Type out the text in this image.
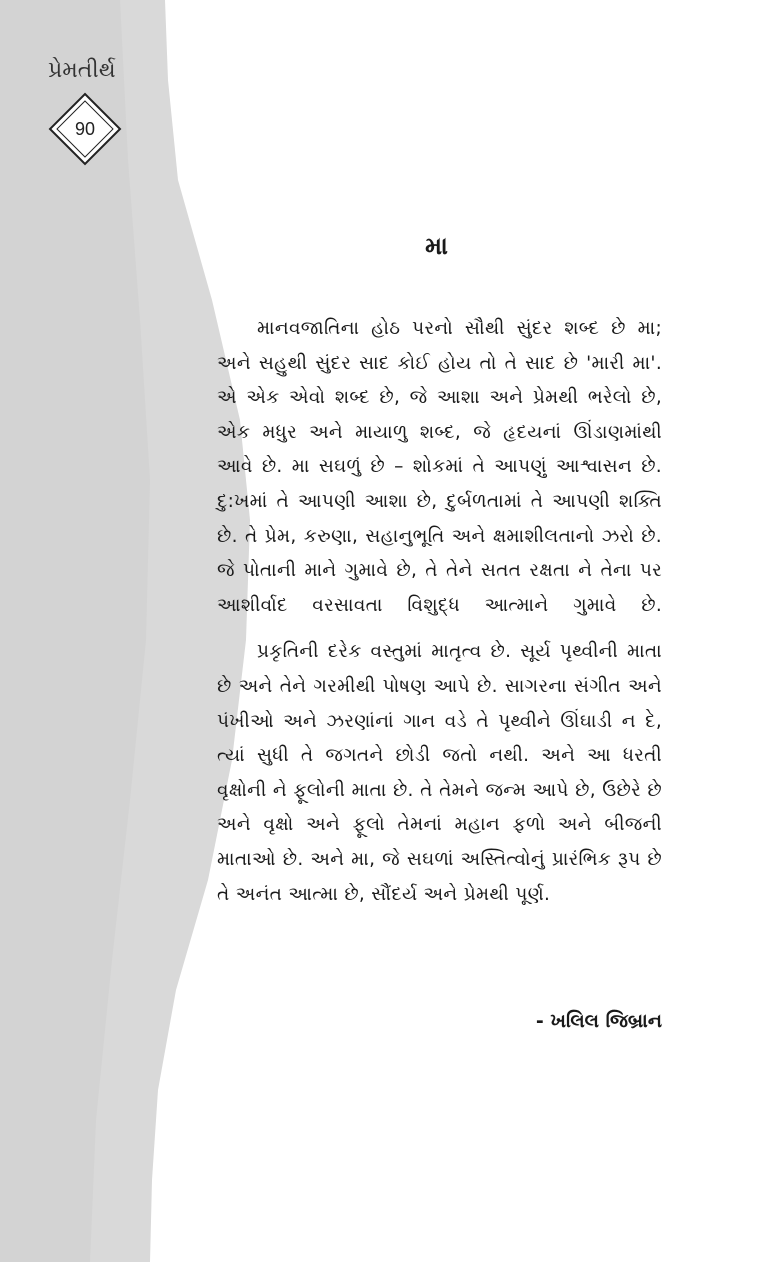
પ્રેમતીર્થ
90
મા

માનવજાતિના હોઠ પરનો સૌથી સુંદર શબ્દ છે મા; અને સહુથી સુંદર સાદ કોઈ હોય તો તે સાદ છે 'મારી મા'. એ એક એવો શબ્દ છે, જે આશા અને પ્રેમથી ભરેલો છે, એક મધુર અને માયાળુ શબ્દ, જે હૃદયનાં ઊંડાણમાંથી આવે છે. મા સઘળું છે – શોકમાં તે આપણું આશ્વાસન છે. દુ:ખમાં તે આપણી આશા છે, દુર્બળતામાં તે આપણી શક્તિ છે. તે પ્રેમ, કરુણા, સહાનુભૂતિ અને ક્ષમાશીલતાનો ઝરો છે. જે પોતાની માને ગુમાવે છે, તે તેને સતત રક્ષતા ને તેના પર આશીર્વાદ વરસાવતા વિશુદ્ધ આત્માને ગુમાવે છે.

પ્રકૃતિની દરેક વસ્તુમાં માતૃત્વ છે. સૂર્ય પૃથ્વીની માતા છે અને તેને ગરમીથી પોષણ આપે છે. સાગરના સંગીત અને પંખીઓ અને ઝરણાંનાં ગાન વડે તે પૃથ્વીને ઊંઘાડી ન દે, ત્યાં સુધી તે જગતને છોડી જતો નથી. અને આ ધરતી વૃક્ષોની ને ફૂલોની માતા છે. તે તેમને જન્મ આપે છે, ઉછેરે છે અને વૃક્ષો અને ફૂલો તેમનાં મહાન ફળો અને બીજની માતાઓ છે. અને મા, જે સઘળાં અસ્તિત્વોનું પ્રારંભિક રૂપ છે તે અનંત આત્મા છે, સૌંદર્ય અને પ્રેમથી પૂર્ણ.

- ખલિલ જિબ્રાન
